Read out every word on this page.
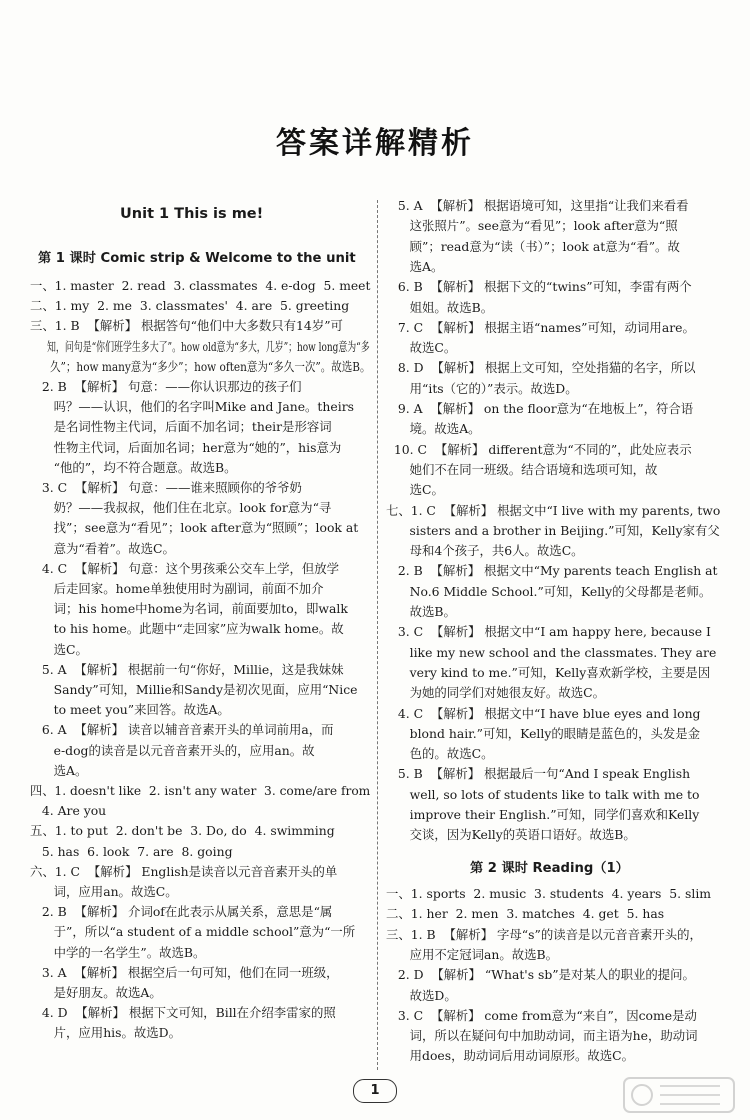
答案详解精析
Unit 1 This is me!
第 1 课时 Comic strip & Welcome to the unit
第 2 课时 Reading（1）
一、1. master  2. read  3. classmates  4. e-dog  5. meet
二、1. my  2. me  3. classmates'  4. are  5. greeting
三、1. B  【解析】 根据答句“他们中大多数只有14岁”可
知，问句是“你们班学生多大了”。how old意为“多大，几岁”；how long意为“多
久”；how many意为“多少”；how often意为“多久一次”。故选B。
2. B  【解析】 句意：——你认识那边的孩子们
吗？——认识，他们的名字叫Mike and Jane。theirs
是名词性物主代词，后面不加名词；their是形容词
性物主代词，后面加名词；her意为“她的”，his意为
“他的”，均不符合题意。故选B。
3. C  【解析】 句意：——谁来照顾你的爷爷奶
奶？——我叔叔，他们住在北京。look for意为“寻
找”；see意为“看见”；look after意为“照顾”；look at
意为“看着”。故选C。
4. C  【解析】 句意：这个男孩乘公交车上学，但放学
后走回家。home单独使用时为副词，前面不加介
词；his home中home为名词，前面要加to，即walk
to his home。此题中“走回家”应为walk home。故
选C。
5. A  【解析】 根据前一句“你好，Millie，这是我妹妹
Sandy”可知，Millie和Sandy是初次见面，应用“Nice
to meet you”来回答。故选A。
6. A  【解析】 读音以辅音音素开头的单词前用a，而
e-dog的读音是以元音音素开头的，应用an。故
选A。
四、1. doesn't like  2. isn't any water  3. come/are from
4. Are you
五、1. to put  2. don't be  3. Do, do  4. swimming
5. has  6. look  7. are  8. going
六、1. C  【解析】 English是读音以元音音素开头的单
词，应用an。故选C。
2. B  【解析】 介词of在此表示从属关系，意思是“属
于”，所以“a student of a middle school”意为“一所
中学的一名学生”。故选B。
3. A  【解析】 根据空后一句可知，他们在同一班级，
是好朋友。故选A。
4. D  【解析】 根据下文可知，Bill在介绍李雷家的照
片，应用his。故选D。
5. A  【解析】 根据语境可知，这里指“让我们来看看
这张照片”。see意为“看见”；look after意为“照
顾”；read意为“读（书）”；look at意为“看”。故
选A。
6. B  【解析】 根据下文的“twins”可知，李雷有两个
姐姐。故选B。
7. C  【解析】 根据主语“names”可知，动词用are。
故选C。
8. D  【解析】 根据上文可知，空处指猫的名字，所以
用“its（它的）”表示。故选D。
9. A  【解析】 on the floor意为“在地板上”，符合语
境。故选A。
10. C  【解析】 different意为“不同的”，此处应表示
她们不在同一班级。结合语境和选项可知，故
选C。
七、1. C  【解析】 根据文中“I live with my parents, two
sisters and a brother in Beijing.”可知，Kelly家有父
母和4个孩子，共6人。故选C。
2. B  【解析】 根据文中“My parents teach English at
No.6 Middle School.”可知，Kelly的父母都是老师。
故选B。
3. C  【解析】 根据文中“I am happy here, because I
like my new school and the classmates. They are
very kind to me.”可知，Kelly喜欢新学校，主要是因
为她的同学们对她很友好。故选C。
4. C  【解析】 根据文中“I have blue eyes and long
blond hair.”可知，Kelly的眼睛是蓝色的，头发是金
色的。故选C。
5. B  【解析】 根据最后一句“And I speak English
well, so lots of students like to talk with me to
improve their English.”可知，同学们喜欢和Kelly
交谈，因为Kelly的英语口语好。故选B。
一、1. sports  2. music  3. students  4. years  5. slim
二、1. her  2. men  3. matches  4. get  5. has
三、1. B  【解析】 字母“s”的读音是以元音音素开头的，
应用不定冠词an。故选B。
2. D  【解析】 “What's sb”是对某人的职业的提问。
故选D。
3. C  【解析】 come from意为“来自”，因come是动
词，所以在疑问句中加助动词，而主语为he，助动词
用does，助动词后用动词原形。故选C。
1
